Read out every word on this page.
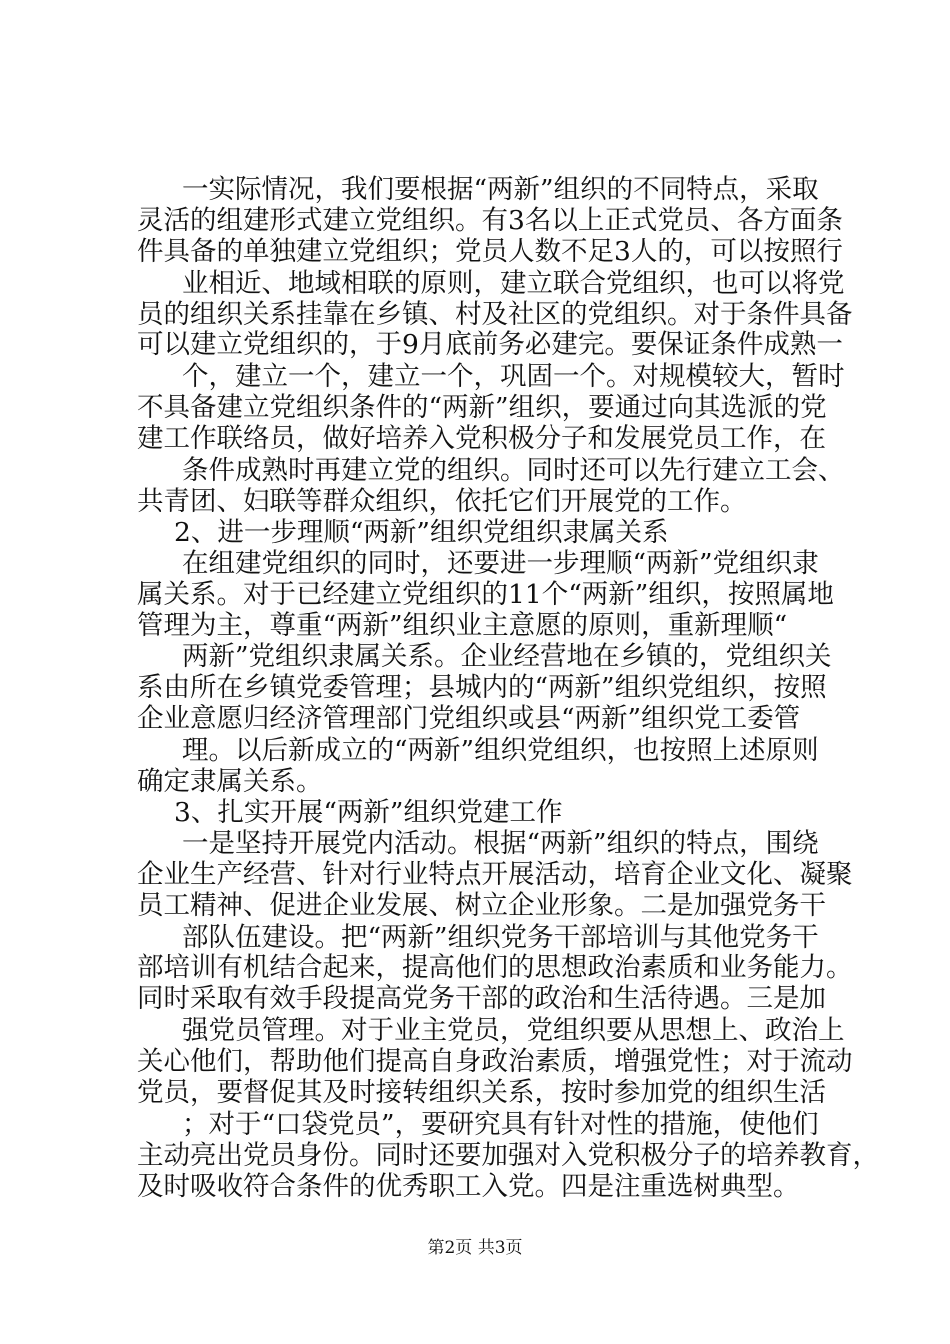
一实际情况，我们要根据“两新”组织的不同特点，采取
灵活的组建形式建立党组织。有3名以上正式党员、各方面条
件具备的单独建立党组织；党员人数不足3人的，可以按照行
业相近、地域相联的原则，建立联合党组织，也可以将党
员的组织关系挂靠在乡镇、村及社区的党组织。对于条件具备
可以建立党组织的，于9月底前务必建完。要保证条件成熟一
个，建立一个，建立一个，巩固一个。对规模较大，暂时
不具备建立党组织条件的“两新”组织，要通过向其选派的党
建工作联络员，做好培养入党积极分子和发展党员工作，在
条件成熟时再建立党的组织。同时还可以先行建立工会、
共青团、妇联等群众组织，依托它们开展党的工作。
2、进一步理顺“两新”组织党组织隶属关系
在组建党组织的同时，还要进一步理顺“两新”党组织隶
属关系。对于已经建立党组织的11个“两新”组织，按照属地
管理为主，尊重“两新”组织业主意愿的原则，重新理顺“
两新”党组织隶属关系。企业经营地在乡镇的，党组织关
系由所在乡镇党委管理；县城内的“两新”组织党组织，按照
企业意愿归经济管理部门党组织或县“两新”组织党工委管
理。以后新成立的“两新”组织党组织，也按照上述原则
确定隶属关系。
3、扎实开展“两新”组织党建工作
一是坚持开展党内活动。根据“两新”组织的特点，围绕
企业生产经营、针对行业特点开展活动，培育企业文化、凝聚
员工精神、促进企业发展、树立企业形象。二是加强党务干
部队伍建设。把“两新”组织党务干部培训与其他党务干
部培训有机结合起来，提高他们的思想政治素质和业务能力。
同时采取有效手段提高党务干部的政治和生活待遇。三是加
强党员管理。对于业主党员，党组织要从思想上、政治上
关心他们，帮助他们提高自身政治素质，增强党性；对于流动
党员，要督促其及时接转组织关系，按时参加党的组织生活
；对于“口袋党员”，要研究具有针对性的措施，使他们
主动亮出党员身份。同时还要加强对入党积极分子的培养教育，
及时吸收符合条件的优秀职工入党。四是注重选树典型。
第2页 共3页
